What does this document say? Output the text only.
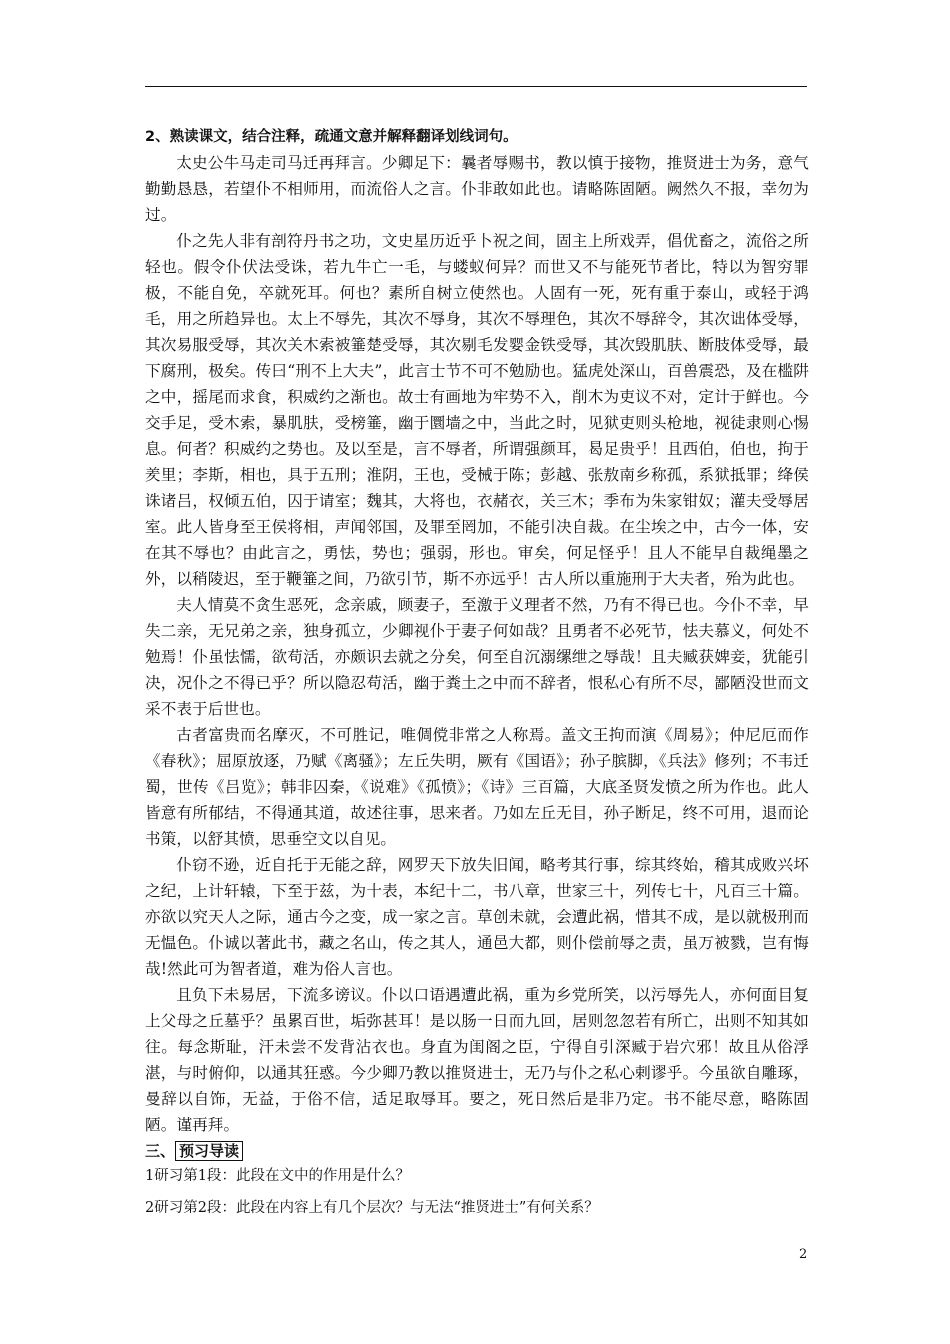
2、熟读课文，结合注释，疏通文意并解释翻译划线词句。

太史公牛马走司马迁再拜言。少卿足下：曩者辱赐书，教以慎于接物，推贤进士为务，意气勤勤恳恳，若望仆不相师用，而流俗人之言。仆非敢如此也。请略陈固陋。阙然久不报，幸勿为过。

仆之先人非有剖符丹书之功，文史星历近乎卜祝之间，固主上所戏弄，倡优畜之，流俗之所轻也。假令仆伏法受诛，若九牛亡一毛，与蝼蚁何异？而世又不与能死节者比，特以为智穷罪极，不能自免，卒就死耳。何也？素所自树立使然也。人固有一死，死有重于泰山，或轻于鸿毛，用之所趋异也。太上不辱先，其次不辱身，其次不辱理色，其次不辱辞令，其次诎体受辱，其次易服受辱，其次关木索被箠楚受辱，其次剔毛发婴金铁受辱，其次毁肌肤、断肢体受辱，最下腐刑，极矣。传曰“刑不上大夫”，此言士节不可不勉励也。猛虎处深山，百兽震恐，及在槛阱之中，摇尾而求食，积威约之渐也。故士有画地为牢势不入，削木为吏议不对，定计于鲜也。今交手足，受木索，暴肌肤，受榜箠，幽于圜墙之中，当此之时，见狱吏则头枪地，视徒隶则心惕息。何者？积威约之势也。及以至是，言不辱者，所谓强颜耳，曷足贵乎！且西伯，伯也，拘于羑里；李斯，相也，具于五刑；淮阴，王也，受械于陈；彭越、张敖南乡称孤，系狱抵罪；绛侯诛诸吕，权倾五伯，囚于请室；魏其，大将也，衣赭衣，关三木；季布为朱家钳奴；灌夫受辱居室。此人皆身至王侯将相，声闻邻国，及罪至罔加，不能引决自裁。在尘埃之中，古今一体，安在其不辱也？由此言之，勇怯，势也；强弱，形也。审矣，何足怪乎！且人不能早自裁绳墨之外，以稍陵迟，至于鞭箠之间，乃欲引节，斯不亦远乎！古人所以重施刑于大夫者，殆为此也。

夫人情莫不贪生恶死，念亲戚，顾妻子，至激于义理者不然，乃有不得已也。今仆不幸，早失二亲，无兄弟之亲，独身孤立，少卿视仆于妻子何如哉？且勇者不必死节，怯夫慕义，何处不勉焉！仆虽怯懦，欲苟活，亦颇识去就之分矣，何至自沉溺缧绁之辱哉！且夫臧获婢妾，犹能引决，况仆之不得已乎？所以隐忍苟活，幽于粪土之中而不辞者，恨私心有所不尽，鄙陋没世而文采不表于后世也。

古者富贵而名摩灭，不可胜记，唯倜傥非常之人称焉。盖文王拘而演《周易》；仲尼厄而作《春秋》；屈原放逐，乃赋《离骚》；左丘失明，厥有《国语》；孙子膑脚，《兵法》修列；不韦迁蜀，世传《吕览》；韩非囚秦，《说难》《孤愤》；《诗》三百篇，大底圣贤发愤之所为作也。此人皆意有所郁结，不得通其道，故述往事，思来者。乃如左丘无目，孙子断足，终不可用，退而论书策，以舒其愤，思垂空文以自见。

仆窃不逊，近自托于无能之辞，网罗天下放失旧闻，略考其行事，综其终始，稽其成败兴坏之纪，上计轩辕，下至于兹，为十表，本纪十二，书八章，世家三十，列传七十，凡百三十篇。亦欲以究天人之际，通古今之变，成一家之言。草创未就，会遭此祸，惜其不成，是以就极刑而无愠色。仆诚以著此书，藏之名山，传之其人，通邑大都，则仆偿前辱之责，虽万被戮，岂有悔哉!然此可为智者道，难为俗人言也。

且负下未易居，下流多谤议。仆以口语遇遭此祸，重为乡党所笑，以污辱先人，亦何面目复上父母之丘墓乎？虽累百世，垢弥甚耳！是以肠一日而九回，居则忽忽若有所亡，出则不知其如往。每念斯耻，汗未尝不发背沾衣也。身直为闺阁之臣，宁得自引深臧于岩穴邪！故且从俗浮湛，与时俯仰，以通其狂惑。今少卿乃教以推贤进士，无乃与仆之私心剌谬乎。今虽欲自雕琢，曼辞以自饰，无益，于俗不信，适足取辱耳。要之，死日然后是非乃定。书不能尽意，略陈固陋。谨再拜。

三、 预习导读

1研习第1段：此段在文中的作用是什么？

2研习第2段：此段在内容上有几个层次？与无法“推贤进士”有何关系？
2
